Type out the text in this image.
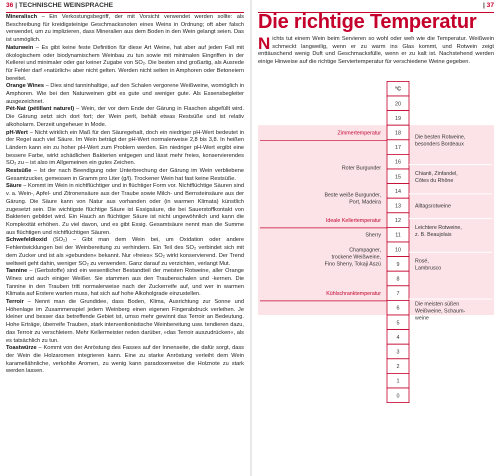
36 | TECHNISCHE WEINSPRACHE

Mineralisch – Ein Verkostungsbegriff, der mit Vorsicht verwendet werden sollte: als Beschreibung für kreidigsteinige Geschmacksnoten eines Weins in Ordnung; oft aber falsch verwendet, um zu implizieren, dass Mineralien aus dem Boden in den Wein gelangt seien. Das ist unmöglich.

Naturwein – Es gibt keine feste Definition für diese Art Weine, hat aber auf jeden Fall mit ökologischem oder biodynamischem Weinbau zu tun sowie mit minimalen Eingriffen in der Kellerei und minimaler oder gar keiner Zugabe von SO₂. Die besten sind großartig, als Ausrede für Fehler darf »natürlich« aber nicht gelten. Werden nicht selten in Amphoren oder Betoneiern bereitet.

Orange Wines – Dies sind tanninhaltige, auf den Schalen vergorene Weißweine, womöglich in Amphoren. Wie bei den Naturweinen gibt es gute und weniger gute. Als Essensbegleiter ausgezeichnet.

Pét-Nat (pétillant naturel) – Wein, der vor dem Ende der Gärung in Flaschen abgefüllt wird. Die Gärung setzt sich dort fort; der Wein perlt, behält etwas Restsüße und ist relativ alkoholarm. Derzeit ungeheuer in Mode.

pH-Wert – Nicht wirklich ein Maß für den Säuregehalt, doch ein niedriger pH-Wert bedeutet in der Regel auch viel Säure. Im Wein beträgt der pH-Wert normalerweise 2,8 bis 3,8. In heißen Ländern kann ein zu hoher pH-Wert zum Problem werden. Ein niedriger pH-Wert ergibt eine bessere Farbe, wirkt schädlichen Bakterien entgegen und lässt mehr freies, konservierendes SO₂ zu – ist also im Allgemeinen ein gutes Zeichen.

Restsüße – Ist der nach Beendigung oder Unterbrechung der Gärung im Wein verbliebene Gesamtzucker, gemessen in Gramm pro Liter (g/l). Trockener Wein hat fast keine Restsüße.

Säure – Kommt im Wein in nichtflüchtiger und in flüchtiger Form vor. Nichtflüchtige Säuren sind v. a. Wein-, Apfel- und Zitronensäure aus der Traube sowie Milch- und Bernsteinsäure aus der Gärung. Die Säure kann von Natur aus vorhanden oder (in warmen Klimata) künstlich zugesetzt sein. Die wichtigste flüchtige Säure ist Essigsäure, die bei Sauerstoffkontakt von Bakterien gebildet wird. Ein Hauch an flüchtiger Säure ist nicht ungewöhnlich und kann die Komplexität erhöhen. Zu viel davon, und es gibt Essig. Gesamtsäure nennt man die Summe aus flüchtigen und nichtflüchtigen Säuren.

Schwefeldioxid (SO₂) – Gibt man dem Wein bei, um Oxidation oder andere Fehlentwicklungen bei der Weinbereitung zu verhindern. Ein Teil des SO₂ verbindet sich mit dem Zucker und ist als »gebunden« bekannt. Nur »freies« SO₂ wirkt konservierend. Der Trend weltweit geht dahin, weniger SO₂ zu verwenden. Ganz darauf zu verzichten, verlangt Mut.

Tannine – (Gerbstoffe) sind ein wesentlicher Bestandteil der meisten Rotweine, aller Orange Wines und auch einiger Weißer. Sie stammen aus den Traubenschalen und -kernen. Die Tannine in den Trauben tritt normalerweise nach der Zuckerreife auf, und wer in warmen Klimata auf Erstere warten muss, hat sich auf hohe Alkoholgrade einzustellen.

Terroir – Nennt man die Grundidee, dass Boden, Klima, Ausrichtung zur Sonne und Höhenlage im Zusammenspiel jedem Weinberg einen eigenen Fingerabdruck verleihen. Je kleiner und besser das betreffende Gebiet ist, umso mehr gewinnt das Terroir an Bedeutung. Hohe Erträge, überreife Trauben, stark interventionistische Weinbereitung usw. tendieren dazu, das Terroir zu verschleiern. Mehr Kellermeister reden darüber, »das Terroir auszudrücken«, als es tatsächlich zu tun.

Toastwürze – Kommt von der Anröstung des Fasses auf der Innenseite, die dafür sorgt, dass der Wein die Holzaromen integrieren kann. Eine zu starke Anröstung verleiht dem Wein karamellähnliche, verkohlte Aromen, zu wenig kann paradoxerweise die Holznote zu stark werden lassen.

| 37
Die richtige Temperatur
Nichts tut einem Wein beim Servieren so wohl oder weh wie die Temperatur. Weißwein schmeckt langweilig, wenn er zu warm ins Glas kommt, und Rotwein zeigt enttäuschend wenig Duft und Geschmacksfülle, wenn er zu kalt ist. Nachstehend werden einige Hinweise auf die richtige Serviertemperatur für verschiedene Weine gegeben.
°C
20
19
18
17
16
15
14
13
12
11
10
9
8
7
6
5
4
3
2
1
0
Zimmertemperatur
Roter Burgunder
Beste weiße Burgunder,
Port, Madeira
Ideale Kellertemperatur
Sherry
Champagner,
trockene Weißweine,
Fino Sherry, Tokaji Aszú
Kühlschranktemperatur
Die besten Rotweine,
besonders Bordeaux
Chianti, Zinfandel,
Côtes du Rhône
Alltagsrotweine
Leichtere Rotweine,
z. B. Beaujolais
Rosé,
Lambrusco
Die meisten süßen
Weißweine, Schaum-
weine
